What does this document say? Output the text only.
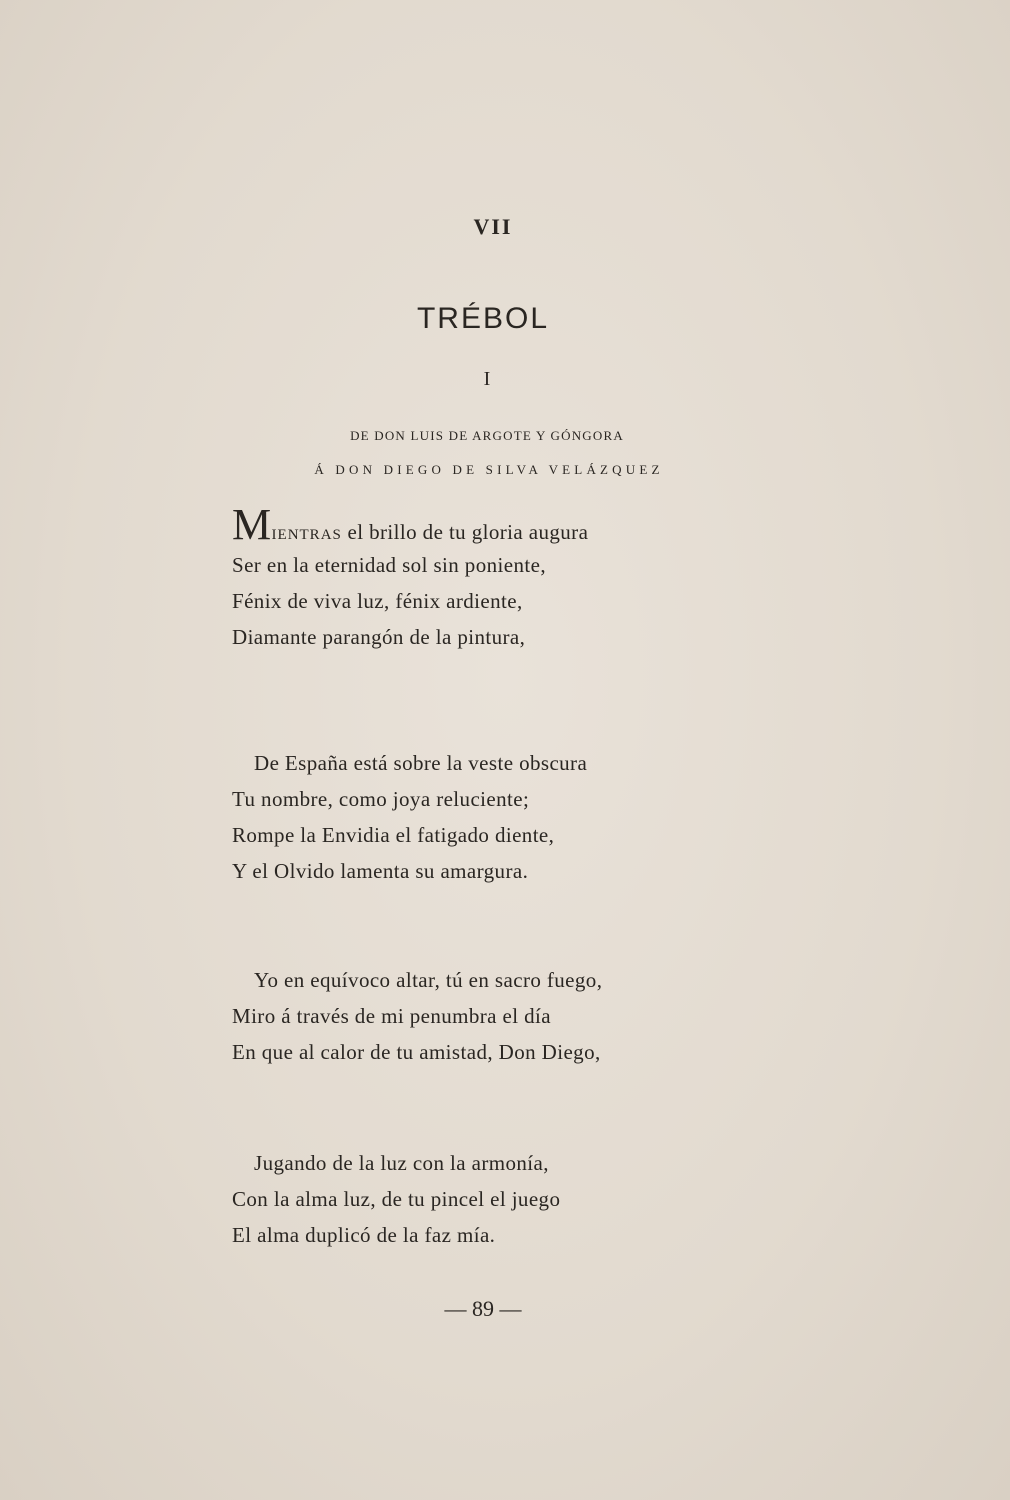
VII
TRÉBOL
I
DE DON LUIS DE ARGOTE Y GÓNGORA
Á DON DIEGO DE SILVA VELÁZQUEZ
MIENTRAS el brillo de tu gloria augura
Ser en la eternidad sol sin poniente,
Fénix de viva luz, fénix ardiente,
Diamante parangón de la pintura,
De España está sobre la veste obscura
Tu nombre, como joya reluciente;
Rompe la Envidia el fatigado diente,
Y el Olvido lamenta su amargura.
Yo en equívoco altar, tú en sacro fuego,
Miro á través de mi penumbra el día
En que al calor de tu amistad, Don Diego,
Jugando de la luz con la armonía,
Con la alma luz, de tu pincel el juego
El alma duplicó de la faz mía.
— 89 —
